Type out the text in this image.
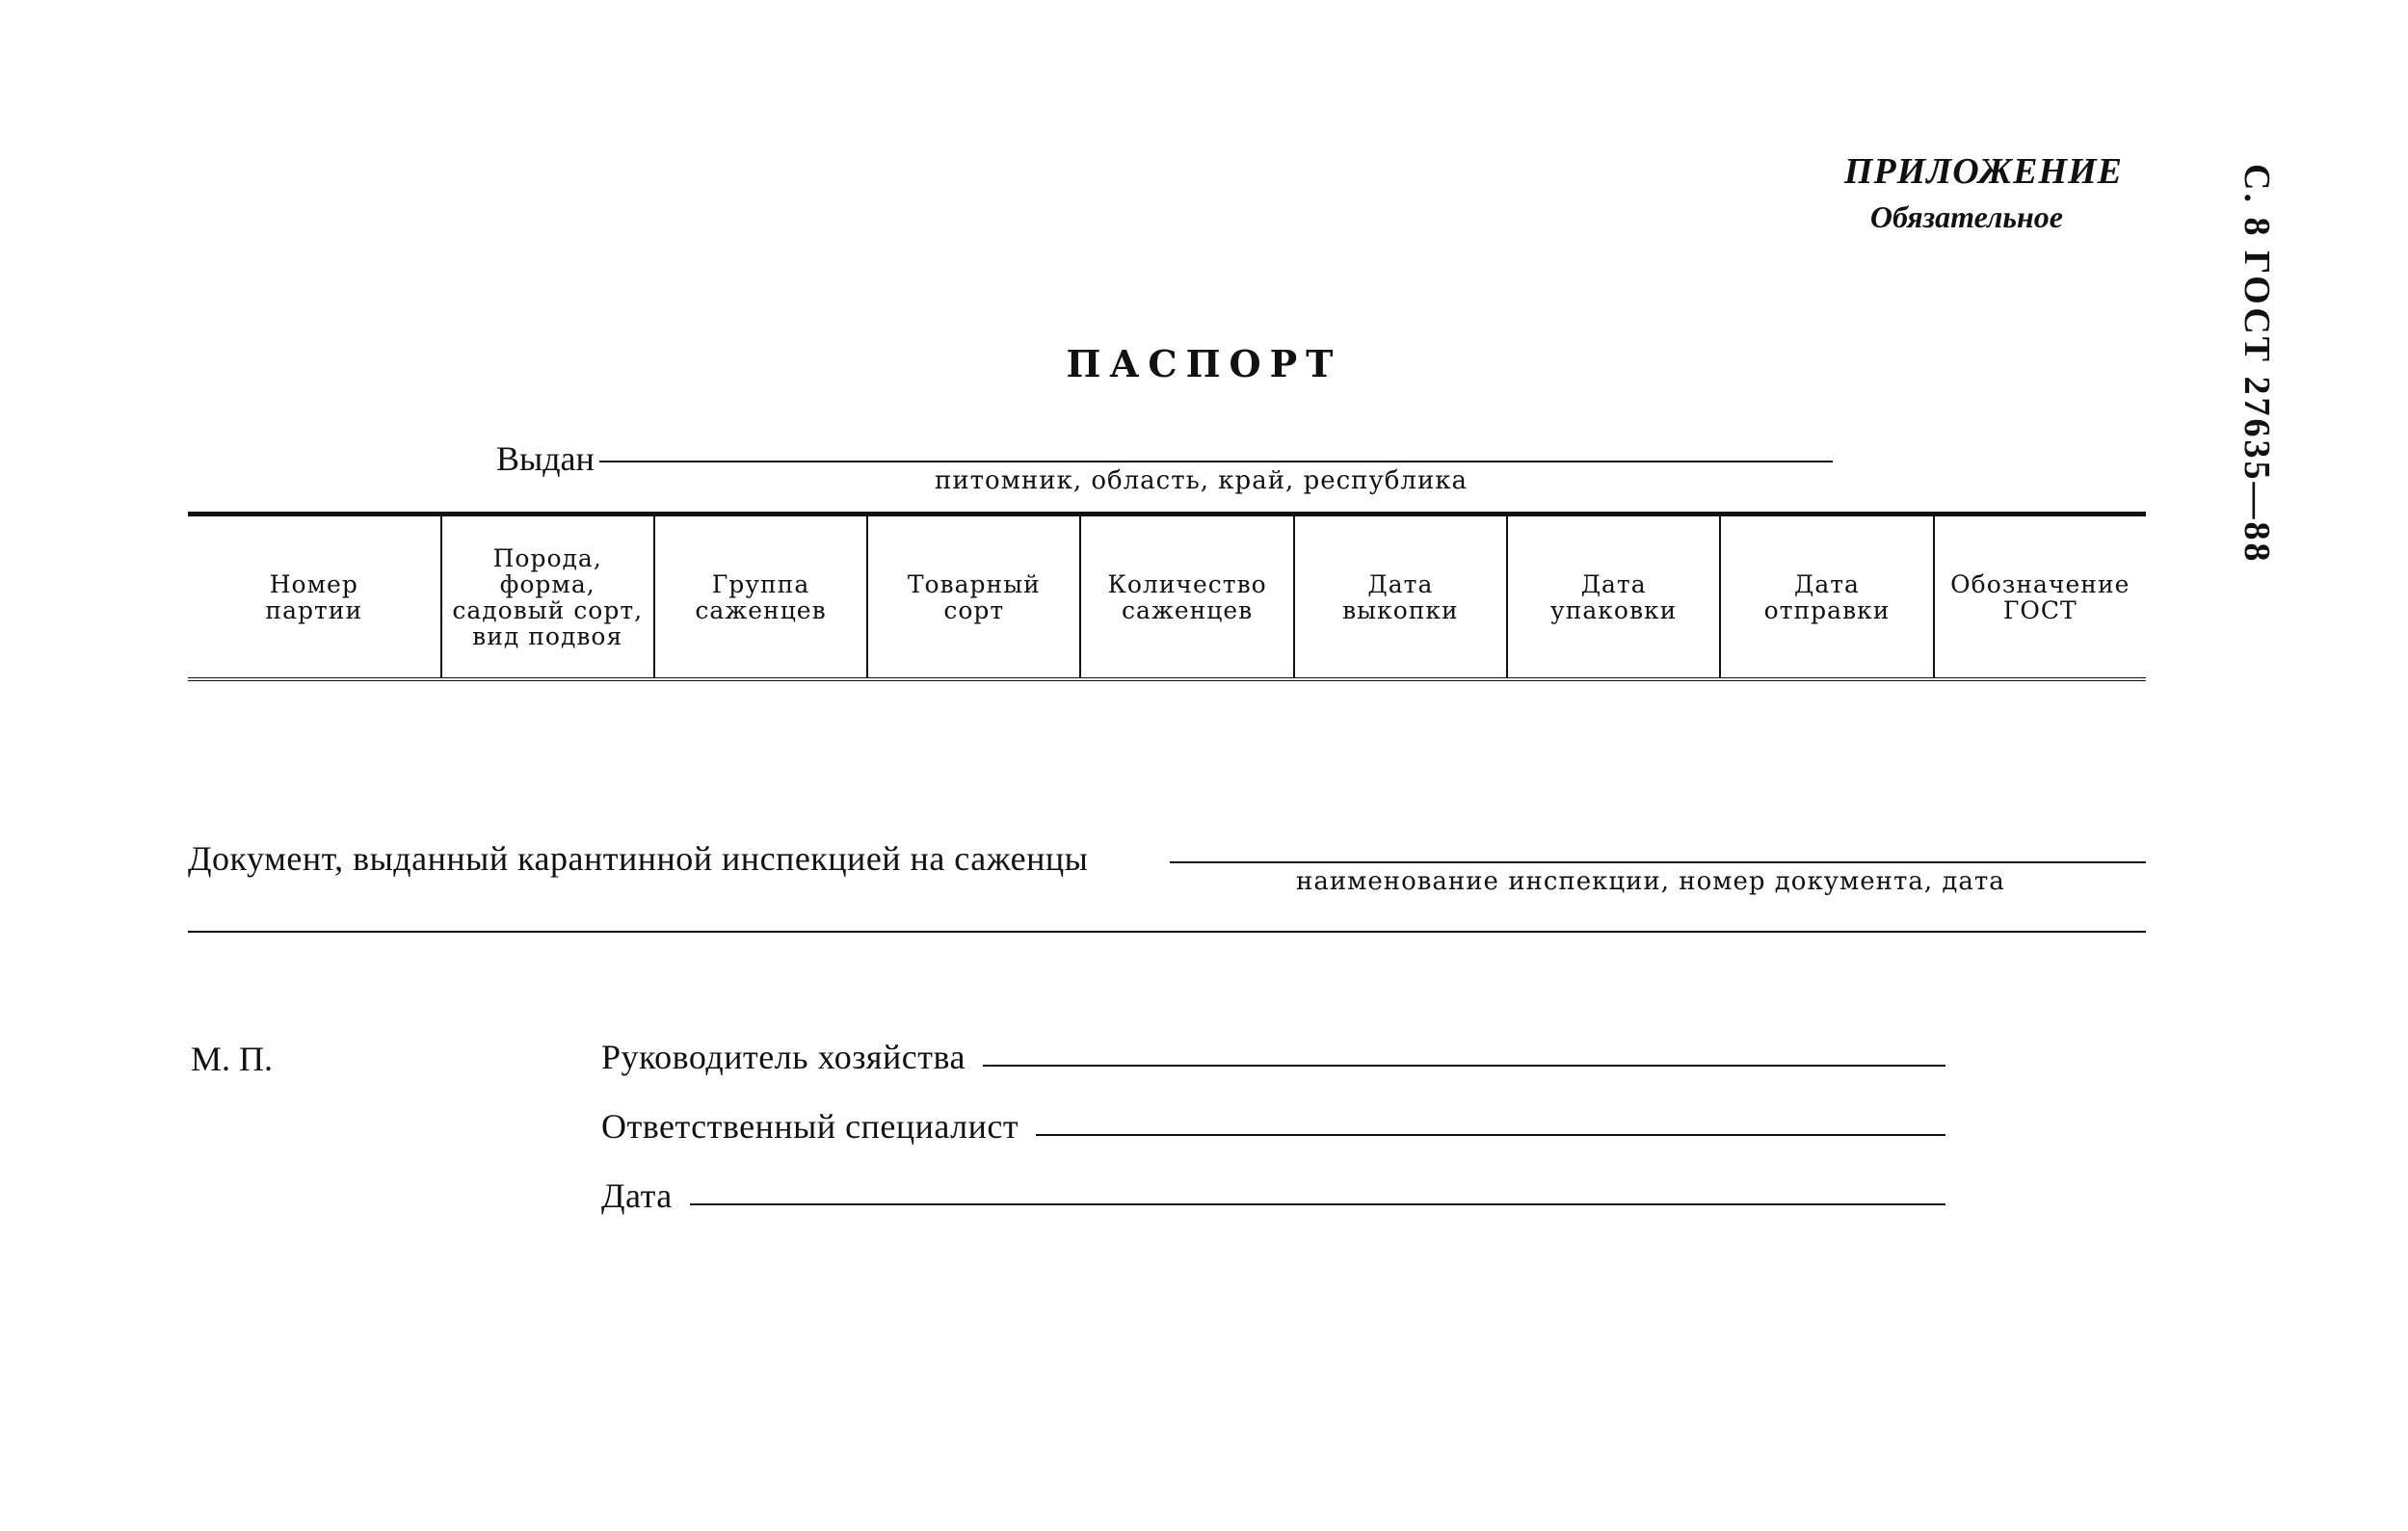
ПРИЛОЖЕНИЕ
Обязательное	С. 8 ГОСТ 27635—88
ПАСПОРТ
Выдан
питомник, область, край, республика
Номер
партии
Порода,
форма,
садовый сорт,
вид подвоя
Группа
саженцев
Товарный
сорт
Количество
саженцев
Дата
выкопки
Дата
упаковки
Дата
отправки
Обозначение
ГОСТ
Документ, выданный карантинной инспекцией на саженцы
наименование инспекции, номер документа, дата
М. П.	Руководитель хозяйства
Ответственный специалист
Дата
